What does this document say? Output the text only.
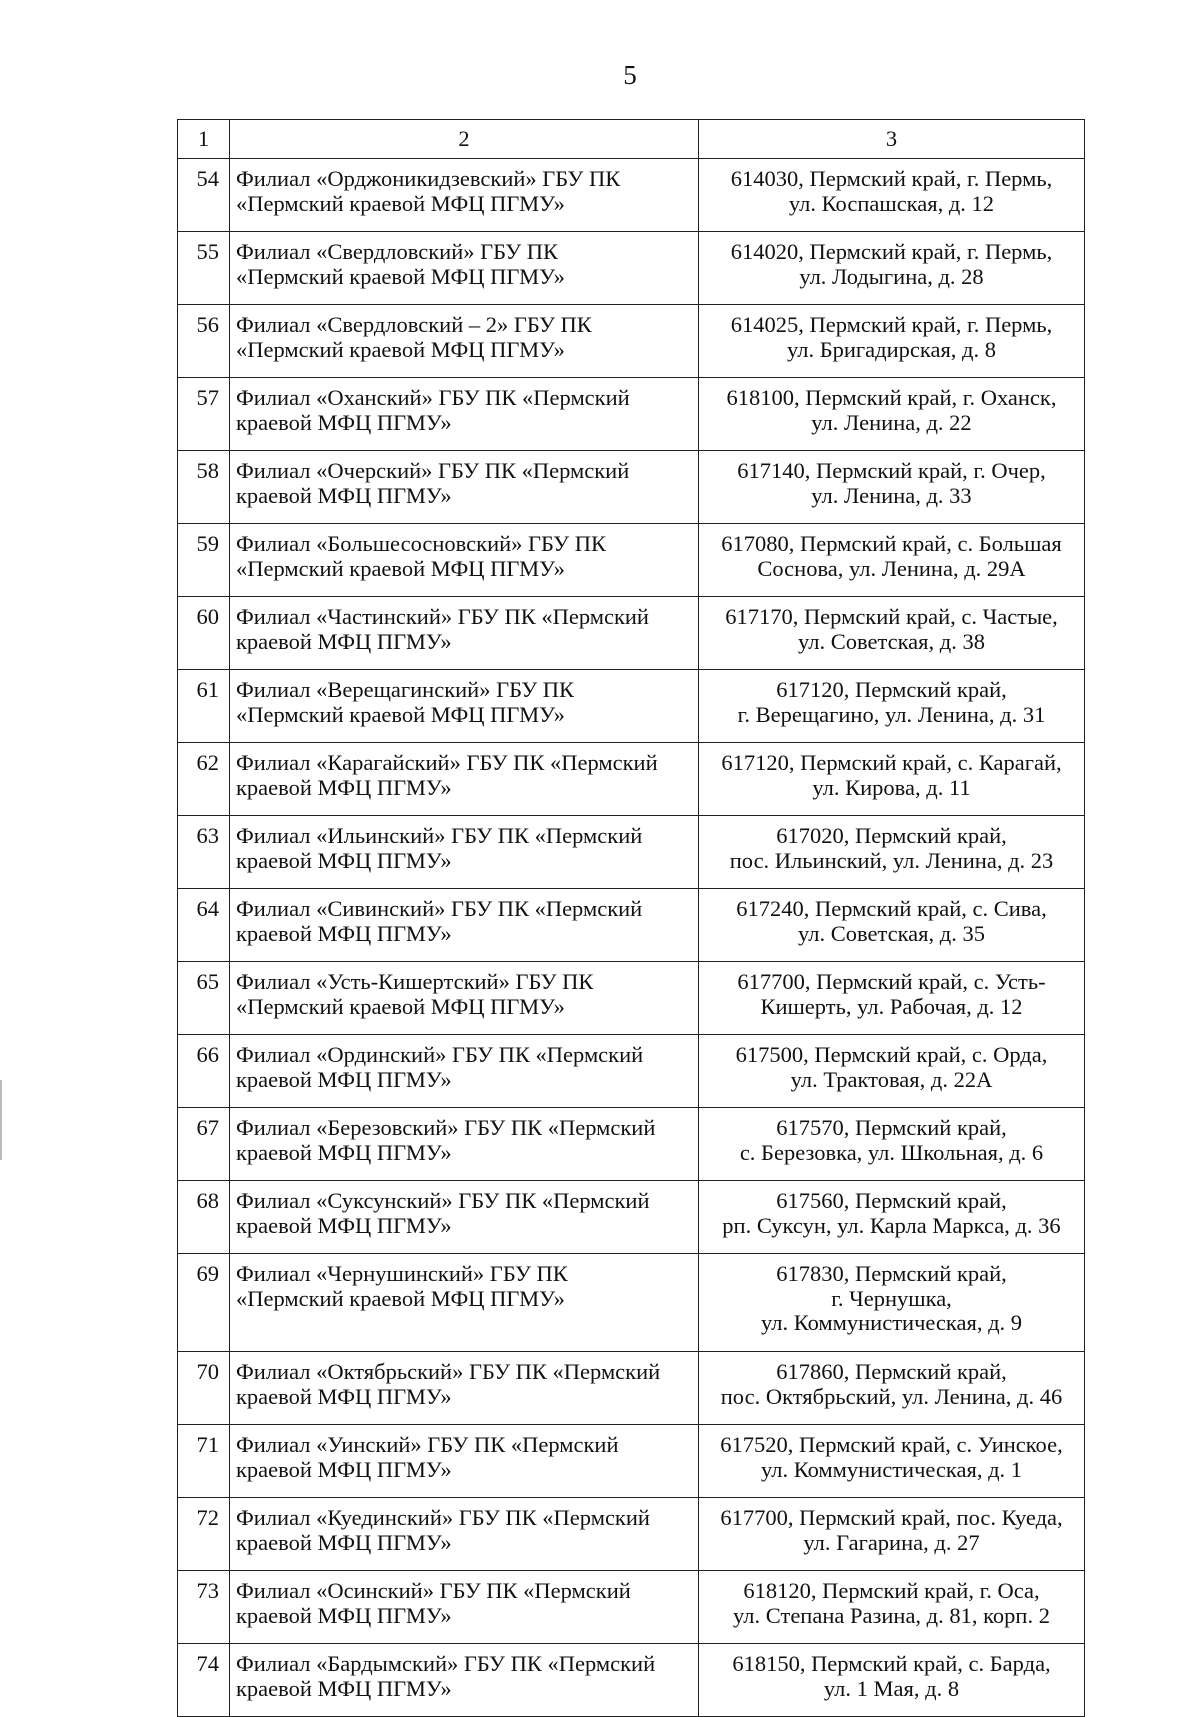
5
1	2	3
54	Филиал «Орджоникидзевский» ГБУ ПК
«Пермский краевой МФЦ ПГМУ»	614030, Пермский край, г. Пермь,
ул. Коспашская, д. 12

55	Филиал «Свердловский» ГБУ ПК
«Пермский краевой МФЦ ПГМУ»	614020, Пермский край, г. Пермь,
ул. Лодыгина, д. 28

56	Филиал «Свердловский – 2» ГБУ ПК
«Пермский краевой МФЦ ПГМУ»	614025, Пермский край, г. Пермь,
ул. Бригадирская, д. 8

57	Филиал «Оханский» ГБУ ПК «Пермский
краевой МФЦ ПГМУ»	618100, Пермский край, г. Оханск,
ул. Ленина, д. 22

58	Филиал «Очерский» ГБУ ПК «Пермский
краевой МФЦ ПГМУ»	617140, Пермский край, г. Очер,
ул. Ленина, д. 33

59	Филиал «Большесосновский» ГБУ ПК
«Пермский краевой МФЦ ПГМУ»	617080, Пермский край, с. Большая
Соснова, ул. Ленина, д. 29А

60	Филиал «Частинский» ГБУ ПК «Пермский
краевой МФЦ ПГМУ»	617170, Пермский край, с. Частые,
ул. Советская, д. 38

61	Филиал «Верещагинский» ГБУ ПК
«Пермский краевой МФЦ ПГМУ»	617120, Пермский край,
г. Верещагино, ул. Ленина, д. 31

62	Филиал «Карагайский» ГБУ ПК «Пермский
краевой МФЦ ПГМУ»	617120, Пермский край, с. Карагай,
ул. Кирова, д. 11

63	Филиал «Ильинский» ГБУ ПК «Пермский
краевой МФЦ ПГМУ»	617020, Пермский край,
пос. Ильинский, ул. Ленина, д. 23

64	Филиал «Сивинский» ГБУ ПК «Пермский
краевой МФЦ ПГМУ»	617240, Пермский край, с. Сива,
ул. Советская, д. 35

65	Филиал «Усть-Кишертский» ГБУ ПК
«Пермский краевой МФЦ ПГМУ»	617700, Пермский край, с. Усть-
Кишерть, ул. Рабочая, д. 12

66	Филиал «Ординский» ГБУ ПК «Пермский
краевой МФЦ ПГМУ»	617500, Пермский край, с. Орда,
ул. Трактовая, д. 22А

67	Филиал «Березовский» ГБУ ПК «Пермский
краевой МФЦ ПГМУ»	617570, Пермский край,
с. Березовка, ул. Школьная, д. 6

68	Филиал «Суксунский» ГБУ ПК «Пермский
краевой МФЦ ПГМУ»	617560, Пермский край,
рп. Суксун, ул. Карла Маркса, д. 36

69	Филиал «Чернушинский» ГБУ ПК
«Пермский краевой МФЦ ПГМУ»	617830, Пермский край,
г. Чернушка,
ул. Коммунистическая, д. 9

70	Филиал «Октябрьский» ГБУ ПК «Пермский
краевой МФЦ ПГМУ»	617860, Пермский край,
пос. Октябрьский, ул. Ленина, д. 46

71	Филиал «Уинский» ГБУ ПК «Пермский
краевой МФЦ ПГМУ»	617520, Пермский край, с. Уинское,
ул. Коммунистическая, д. 1

72	Филиал «Куединский» ГБУ ПК «Пермский
краевой МФЦ ПГМУ»	617700, Пермский край, пос. Куеда,
ул. Гагарина, д. 27

73	Филиал «Осинский» ГБУ ПК «Пермский
краевой МФЦ ПГМУ»	618120, Пермский край, г. Оса,
ул. Степана Разина, д. 81, корп. 2

74	Филиал «Бардымский» ГБУ ПК «Пермский
краевой МФЦ ПГМУ»	618150, Пермский край, с. Барда,
ул. 1 Мая, д. 8
